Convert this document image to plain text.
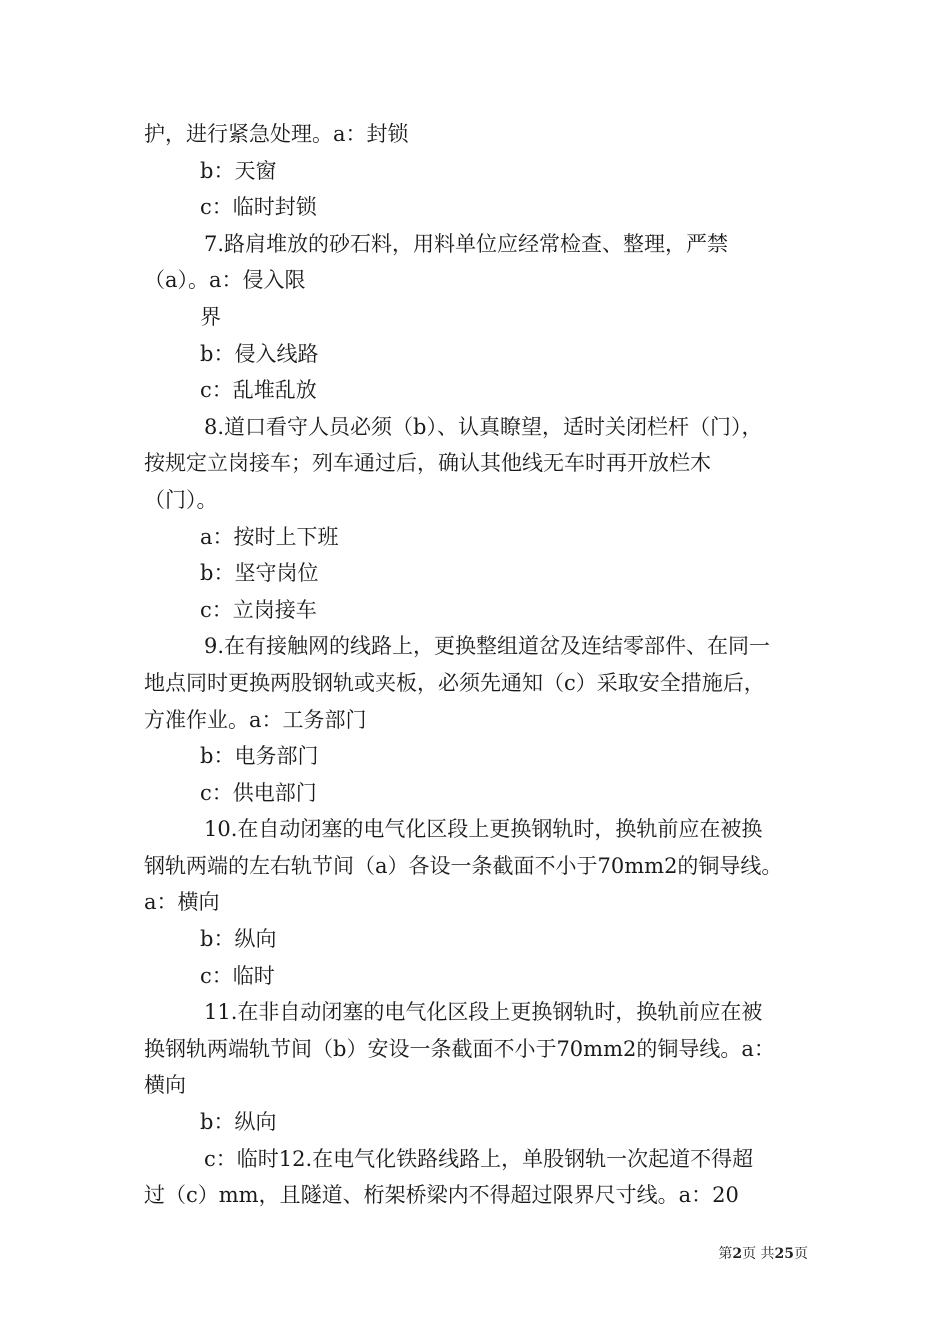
护，进行紧急处理。a：封锁
b：天窗
c：临时封锁
7.路肩堆放的砂石料，用料单位应经常检查、整理，严禁
（a）。a：侵入限
界
b：侵入线路
c：乱堆乱放
8.道口看守人员必须（b）、认真瞭望，适时关闭栏杆（门），
按规定立岗接车；列车通过后，确认其他线无车时再开放栏木
（门）。
a：按时上下班
b：坚守岗位
c：立岗接车
9.在有接触网的线路上，更换整组道岔及连结零部件、在同一
地点同时更换两股钢轨或夹板，必须先通知（c）采取安全措施后，
方准作业。a：工务部门
b：电务部门
c：供电部门
10.在自动闭塞的电气化区段上更换钢轨时，换轨前应在被换
钢轨两端的左右轨节间（a）各设一条截面不小于70mm2的铜导线。
a：横向
b：纵向
c：临时
11.在非自动闭塞的电气化区段上更换钢轨时，换轨前应在被
换钢轨两端轨节间（b）安设一条截面不小于70mm2的铜导线。a：
横向
b：纵向
c：临时12.在电气化铁路线路上，单股钢轨一次起道不得超
过（c）mm，且隧道、桁架桥梁内不得超过限界尺寸线。a：20
第2页 共25页
